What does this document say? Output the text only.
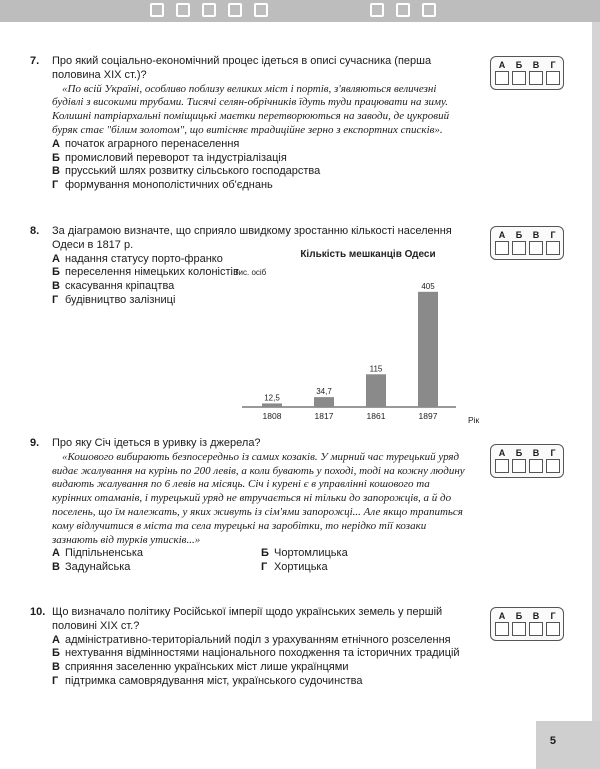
5
7. Про який соціально-економічний процес ідеться в описі сучасника (перша половина XIX ст.)?

«По всій Україні, особливо поблизу великих міст і портів, з'являються величезні будівлі з високими трубами. Тисячі селян-обрічників їдуть туди працювати на зиму. Колишні патріархальні поміщицькі маєтки перетворюються на заводи, де цукровий буряк стає "білим золотом", що витісняє традиційне зерно з експортних списків».

А початок аграрного перенаселення
Б промисловий переворот та індустріалізація
В прусський шлях розвитку сільського господарства
Г формування монополістичних об'єднань
А	Б	В	Г
8. За діаграмою визначте, що сприяло швидкому зростанню кількості населення Одеси в 1817 р.
А надання статусу порто-франко
Б переселення німецьких колоністів
В скасування кріпацтва
Г будівництво залізниці
А	Б	В	Г
Кількість мешканців Одеси
Тис. осіб
Рік
12,5
1808
34,7
1817
115
1861
405
1897
9. Про яку Січ ідеться в уривку із джерела?

«Кошового вибирають безпосередньо із самих козаків. У мирний час турецький уряд видає жалування на курінь по 200 левів, а коли бувають у поході, тоді на кожну людину видають жалування по 6 левів на місяць. Січ і курені є в управлінні кошового та курінних отаманів, і турецький уряд не втручається ні тільки до запорожців, а й до поселень, що їм належать, у яких живуть із сім'ями запорожці... Але якщо трапиться кому відлучитися в міста та села турецькі на заробітки, то нерідко тії козаки зазнають від турків утисків...»

А Підпільненська	Б Чортомлицька
В Задунайська	Г Хортицька
А	Б	В	Г
10. Що визначало політику Російської імперії щодо українських земель у першій половині XIX ст.?
А адміністративно-територіальний поділ з урахуванням етнічного розселення
Б нехтування відмінностями національного походження та історичних традицій
В сприяння заселенню українських міст лише українцями
Г підтримка самоврядування міст, українського судочинства
А	Б	В	Г
